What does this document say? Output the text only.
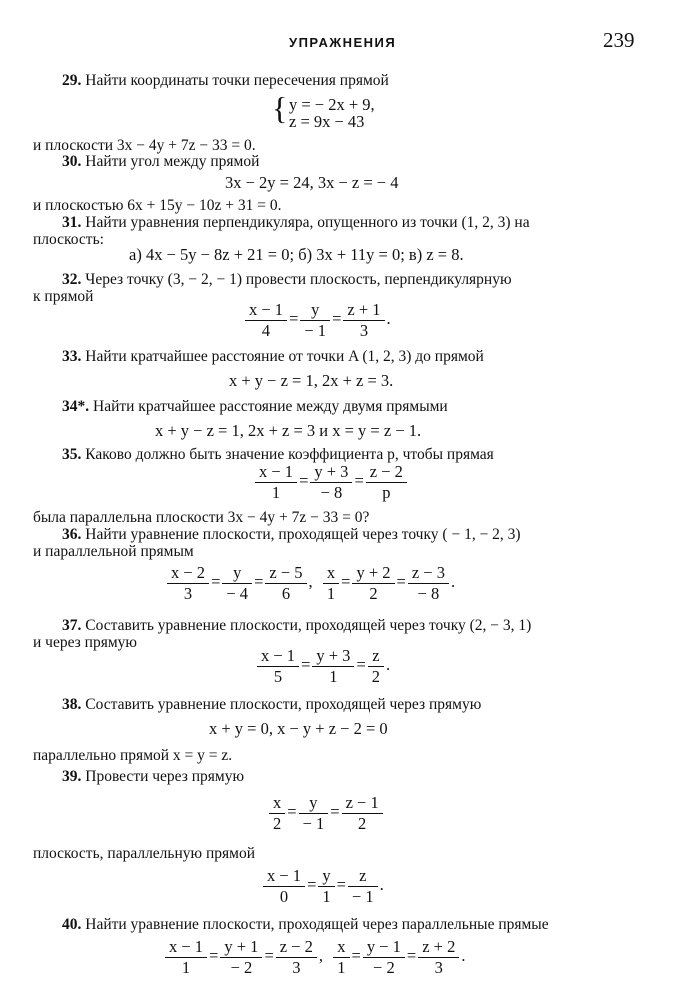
УПРАЖНЕНИЯ	239
29. Найти координаты точки пересечения прямой
{ y = − 2x + 9,
z = 9x − 43
и плоскости 3x − 4y + 7z − 33 = 0.
30. Найти угол между прямой
3x − 2y = 24, 3x − z = − 4
и плоскостью 6x + 15y − 10z + 31 = 0.
31. Найти уравнения перпендикуляра, опущенного из точки (1, 2, 3) на
плоскость:
а) 4x − 5y − 8z + 21 = 0; б) 3x + 11y = 0; в) z = 8.
32. Через точку (3, − 2, − 1) провести плоскость, перпендикулярную
к прямой
$\frac{x - 1}{4} = \frac{y}{- 1} = \frac{z + 1}{3}$ .
33. Найти кратчайшее расстояние от точки A (1, 2, 3) до прямой
x + y − z = 1, 2x + z = 3.
34*. Найти кратчайшее расстояние между двумя прямыми
x + y − z = 1, 2x + z = 3 и x = y = z − 1.
35. Каково должно быть значение коэффициента p, чтобы прямая
$\frac{x - 1}{1} = \frac{y + 3}{- 8} = \frac{z - 2}{p}$
была параллельна плоскости 3x − 4y + 7z − 33 = 0?
36. Найти уравнение плоскости, проходящей через точку ( − 1, − 2, 3)
и параллельной прямым
$\frac{x - 2}{3} = \frac{y}{- 4} = \frac{z - 5}{6}$ , $\frac{x}{1} = \frac{y + 2}{2} = \frac{z - 3}{- 8}$ .
37. Составить уравнение плоскости, проходящей через точку (2, − 3, 1)
и через прямую
$\frac{x - 1}{5} = \frac{y + 3}{1} = \frac{z}{2}$ .
38. Составить уравнение плоскости, проходящей через прямую
x + y = 0, x − y + z − 2 = 0
параллельно прямой x = y = z.
39. Провести через прямую
$\frac{x}{2} = \frac{y}{- 1} = \frac{z - 1}{2}$
плоскость, параллельную прямой
$\frac{x - 1}{0} = \frac{y}{1} = \frac{z}{- 1}$ .
40. Найти уравнение плоскости, проходящей через параллельные прямые
$\frac{x - 1}{1} = \frac{y + 1}{- 2} = \frac{z - 2}{3}$ , $\frac{x}{1} = \frac{y - 1}{- 2} = \frac{z + 2}{3}$ .
